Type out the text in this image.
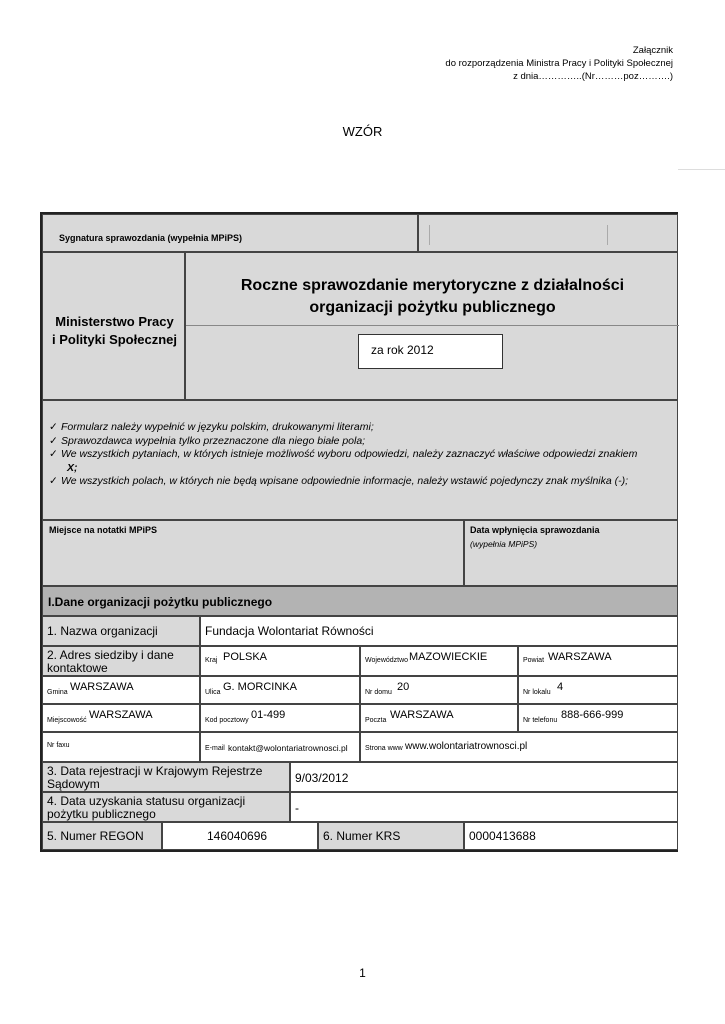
Załącznik
do rozporządzenia Ministra Pracy i Polityki Społecznej
z dnia…………..(Nr………poz……….)
WZÓR
Sygnatura sprawozdania (wypełnia MPiPS)
Ministerstwo Pracy
i Polityki Społecznej
Roczne sprawozdanie merytoryczne z działalności
organizacji pożytku publicznego
za rok 2012
✓ Formularz należy wypełnić w języku polskim, drukowanymi literami;
✓ Sprawozdawca wypełnia tylko przeznaczone dla niego białe pola;
✓ We wszystkich pytaniach, w których istnieje możliwość wyboru odpowiedzi, należy zaznaczyć właściwe odpowiedzi znakiem
X;
✓ We wszystkich polach, w których nie będą wpisane odpowiednie informacje, należy wstawić pojedynczy znak myślnika (-);
Miejsce na notatki MPiPS	Data wpłynięcia sprawozdania
(wypełnia MPiPS)
I.Dane organizacji pożytku publicznego
1. Nazwa organizacji	Fundacja Wolontariat Równości
2. Adres siedziby i dane kontaktowe
Kraj POLSKA	Województwo MAZOWIECKIE	Powiat WARSZAWA
Gmina WARSZAWA	Ulica G. MORCINKA	Nr domu 20	Nr lokalu 4
Miejscowość WARSZAWA	Kod pocztowy 01-499	Poczta WARSZAWA	Nr telefonu 888-666-999
Nr faxu	E-mail kontakt@wolontariatrownosci.pl Strona www www.wolontariatrownosci.pl
3. Data rejestracji w Krajowym Rejestrze Sądowym	9/03/2012
4. Data uzyskania statusu organizacji pożytku publicznego	-
5. Numer REGON	146040696	6. Numer KRS	0000413688
1
